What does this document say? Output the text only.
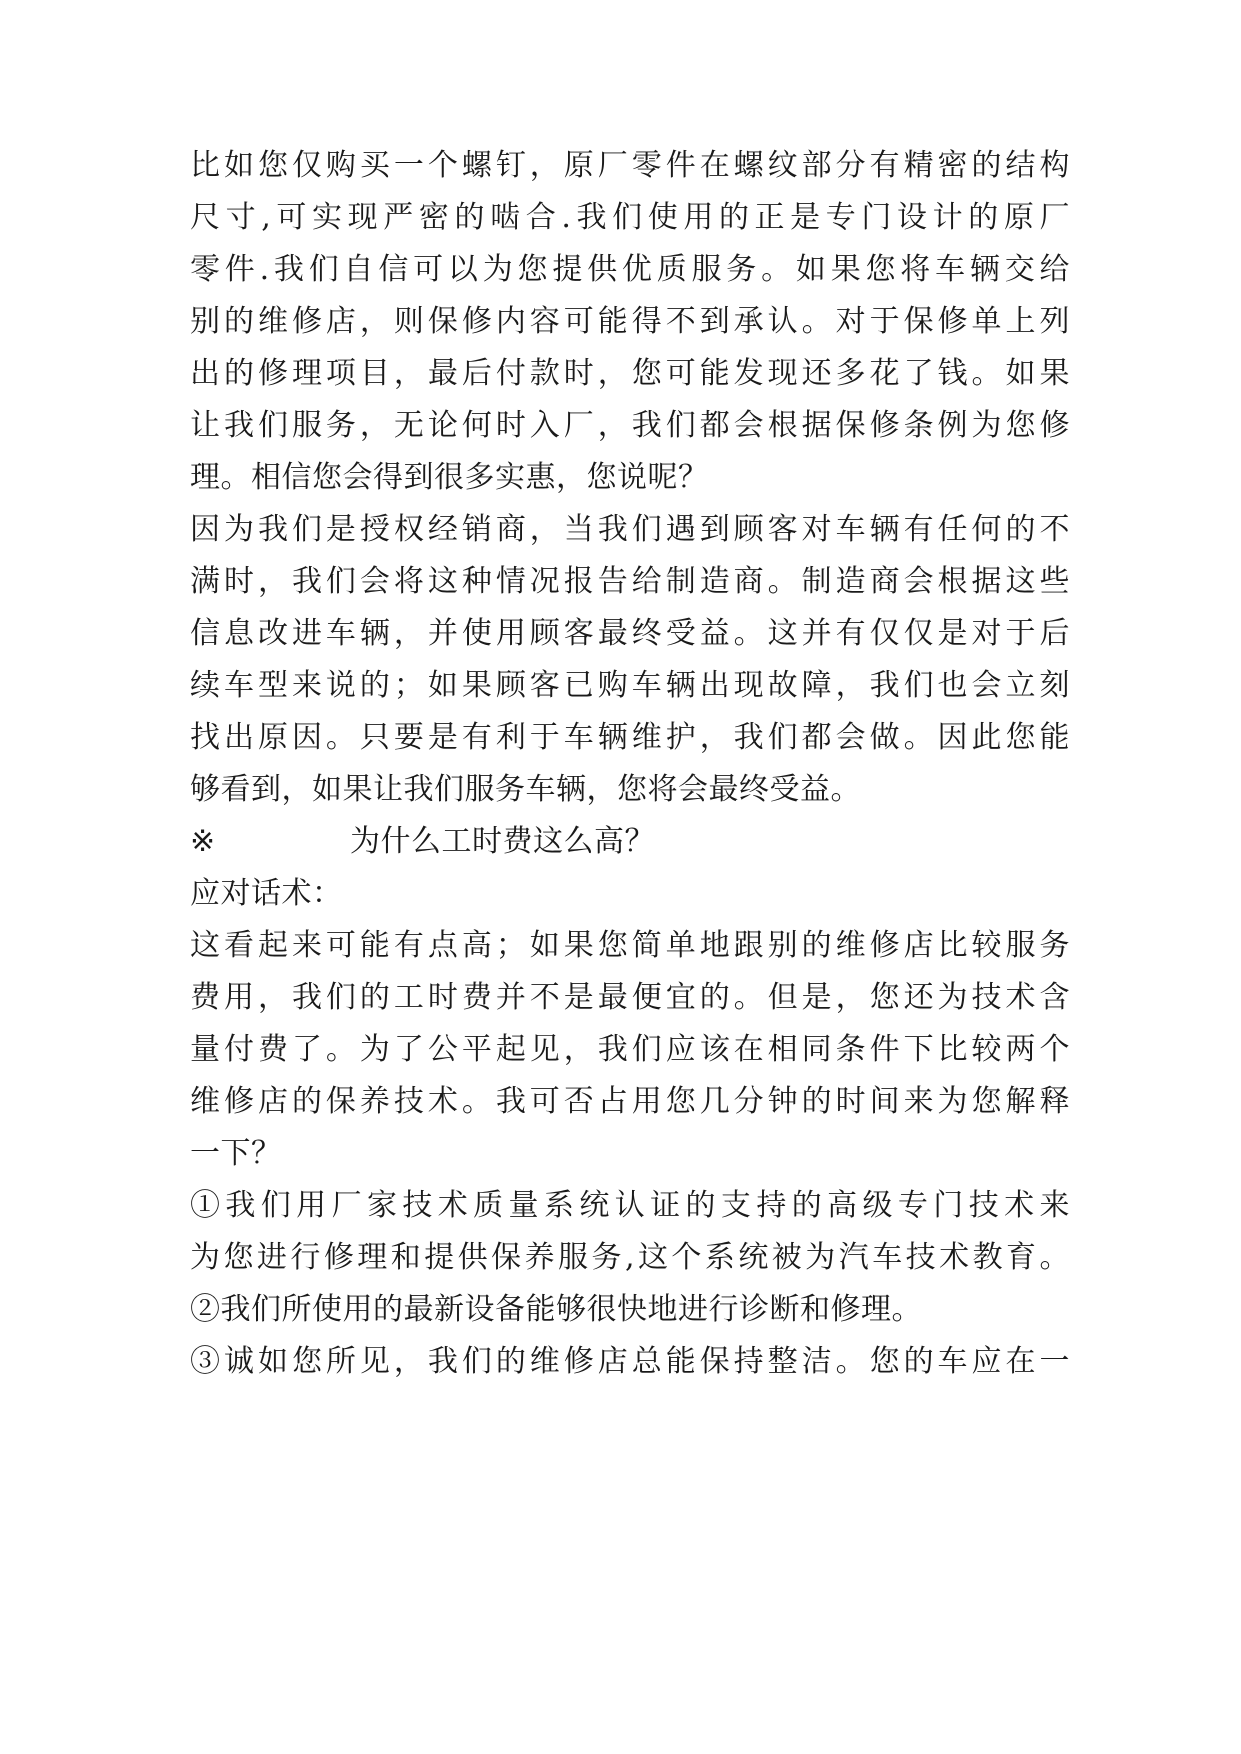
比如您仅购买一个螺钉，原厂零件在螺纹部分有精密的结构
尺寸,可实现严密的啮合.我们使用的正是专门设计的原厂
零件.我们自信可以为您提供优质服务。如果您将车辆交给
别的维修店，则保修内容可能得不到承认。对于保修单上列
出的修理项目，最后付款时，您可能发现还多花了钱。如果
让我们服务，无论何时入厂，我们都会根据保修条例为您修
理。相信您会得到很多实惠，您说呢？
因为我们是授权经销商，当我们遇到顾客对车辆有任何的不
满时，我们会将这种情况报告给制造商。制造商会根据这些
信息改进车辆，并使用顾客最终受益。这并有仅仅是对于后
续车型来说的；如果顾客已购车辆出现故障，我们也会立刻
找出原因。只要是有利于车辆维护，我们都会做。因此您能
够看到，如果让我们服务车辆，您将会最终受益。
※	为什么工时费这么高？
应对话术：
这看起来可能有点高；如果您简单地跟别的维修店比较服务
费用，我们的工时费并不是最便宜的。但是，您还为技术含
量付费了。为了公平起见，我们应该在相同条件下比较两个
维修店的保养技术。我可否占用您几分钟的时间来为您解释
一下？
①我们用厂家技术质量系统认证的支持的高级专门技术来
为您进行修理和提供保养服务,这个系统被为汽车技术教育。
②我们所使用的最新设备能够很快地进行诊断和修理。
③诚如您所见，我们的维修店总能保持整洁。您的车应在一
